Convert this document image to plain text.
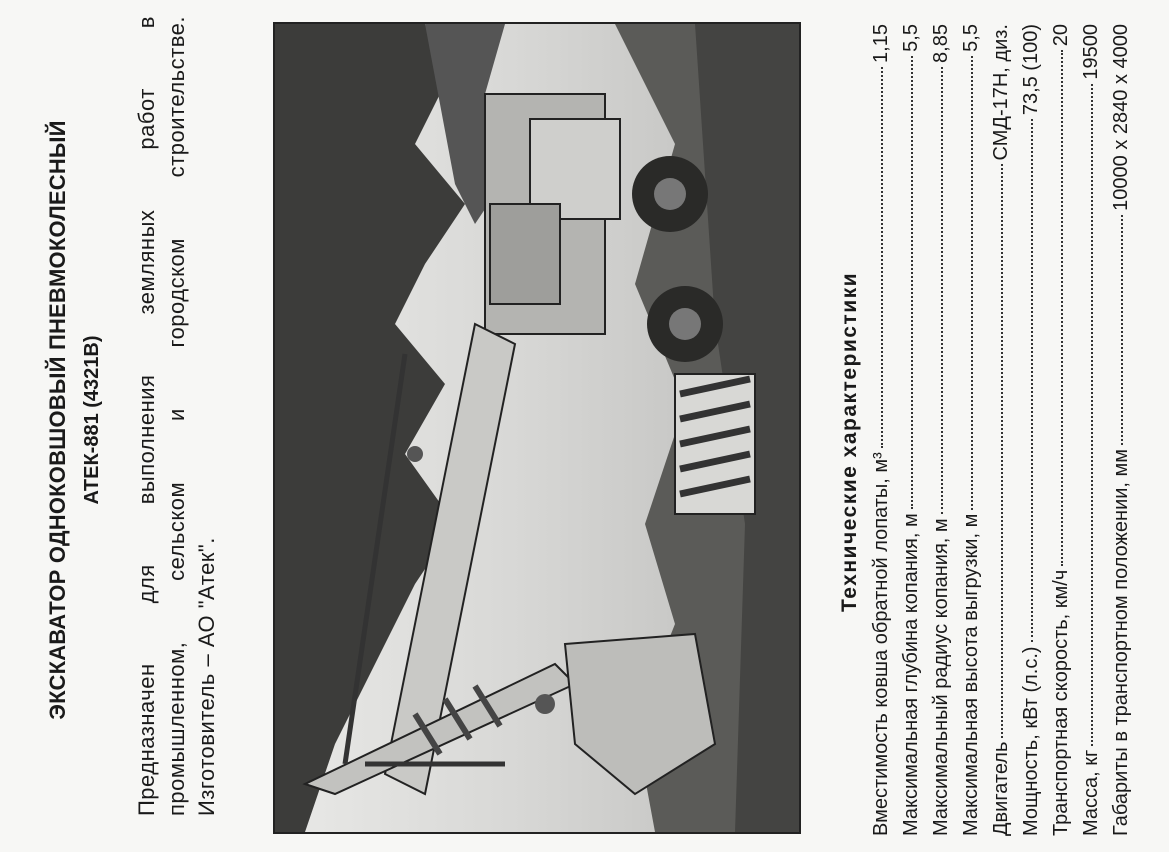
ЭКСКАВАТОР ОДНОКОВШОВЫЙ ПНЕВМОКОЛЕСНЫЙ АТЕК-881 (4321В) Предназначен для выполнения земляных работ в промышленном, сельском и городском строительстве. Изготовитель – АО "Атек".
Технические характеристики
Вместимость ковша обратной лопаты, м³
1,15
Максимальная глубина копания, м
5,5
Максимальный радиус копания, м
8,85
Максимальная высота выгрузки, м
5,5
Двигатель
СМД-17Н, диз.
Мощность, кВт (л.с.)
73,5 (100)
Транспортная скорость, км/ч
20
Масса, кг
19500
Габариты в транспортном положении, мм
10000 x 2840 x 4000
